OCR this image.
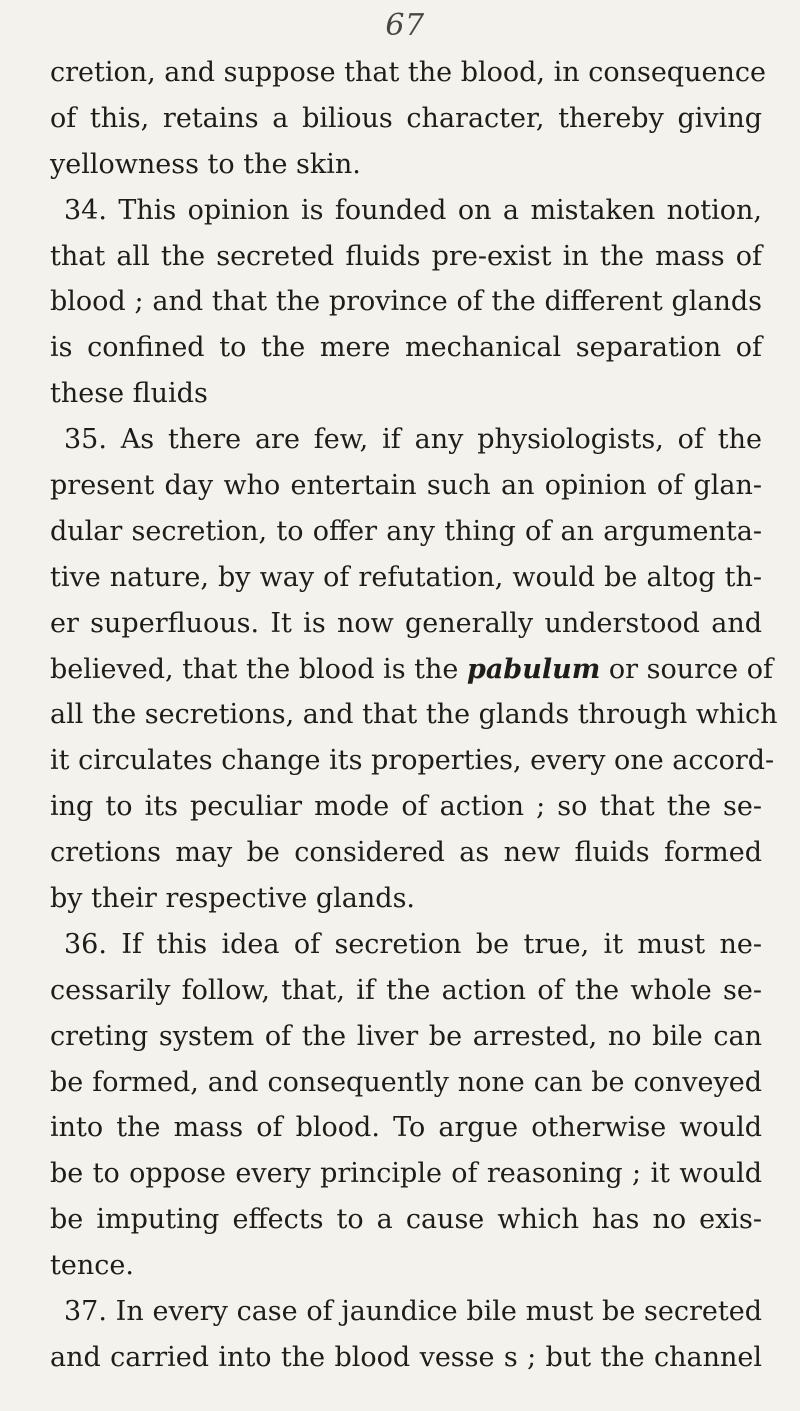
67
cretion, and suppose that the blood, in consequence
of this, retains a bilious character, thereby giving
yellowness to the skin.
34. This opinion is founded on a mistaken notion,
that all the secreted fluids pre-exist in the mass of
blood ; and that the province of the different glands
is confined to the mere mechanical separation of
these fluids
35. As there are few, if any physiologists, of the
present day who entertain such an opinion of glan-
dular secretion, to offer any thing of an argumenta-
tive nature, by way of refutation, would be altog th-
er superfluous. It is now generally understood and
believed, that the blood is the pabulum or source of
all the secretions, and that the glands through which
it circulates change its properties, every one accord-
ing to its peculiar mode of action ; so that the se-
cretions may be considered as new fluids formed
by their respective glands.
36. If this idea of secretion be true, it must ne-
cessarily follow, that, if the action of the whole se-
creting system of the liver be arrested, no bile can
be formed, and consequently none can be conveyed
into the mass of blood. To argue otherwise would
be to oppose every principle of reasoning ; it would
be imputing effects to a cause which has no exis-
tence.
37. In every case of jaundice bile must be secreted
and carried into the blood vesse s ; but the channel
